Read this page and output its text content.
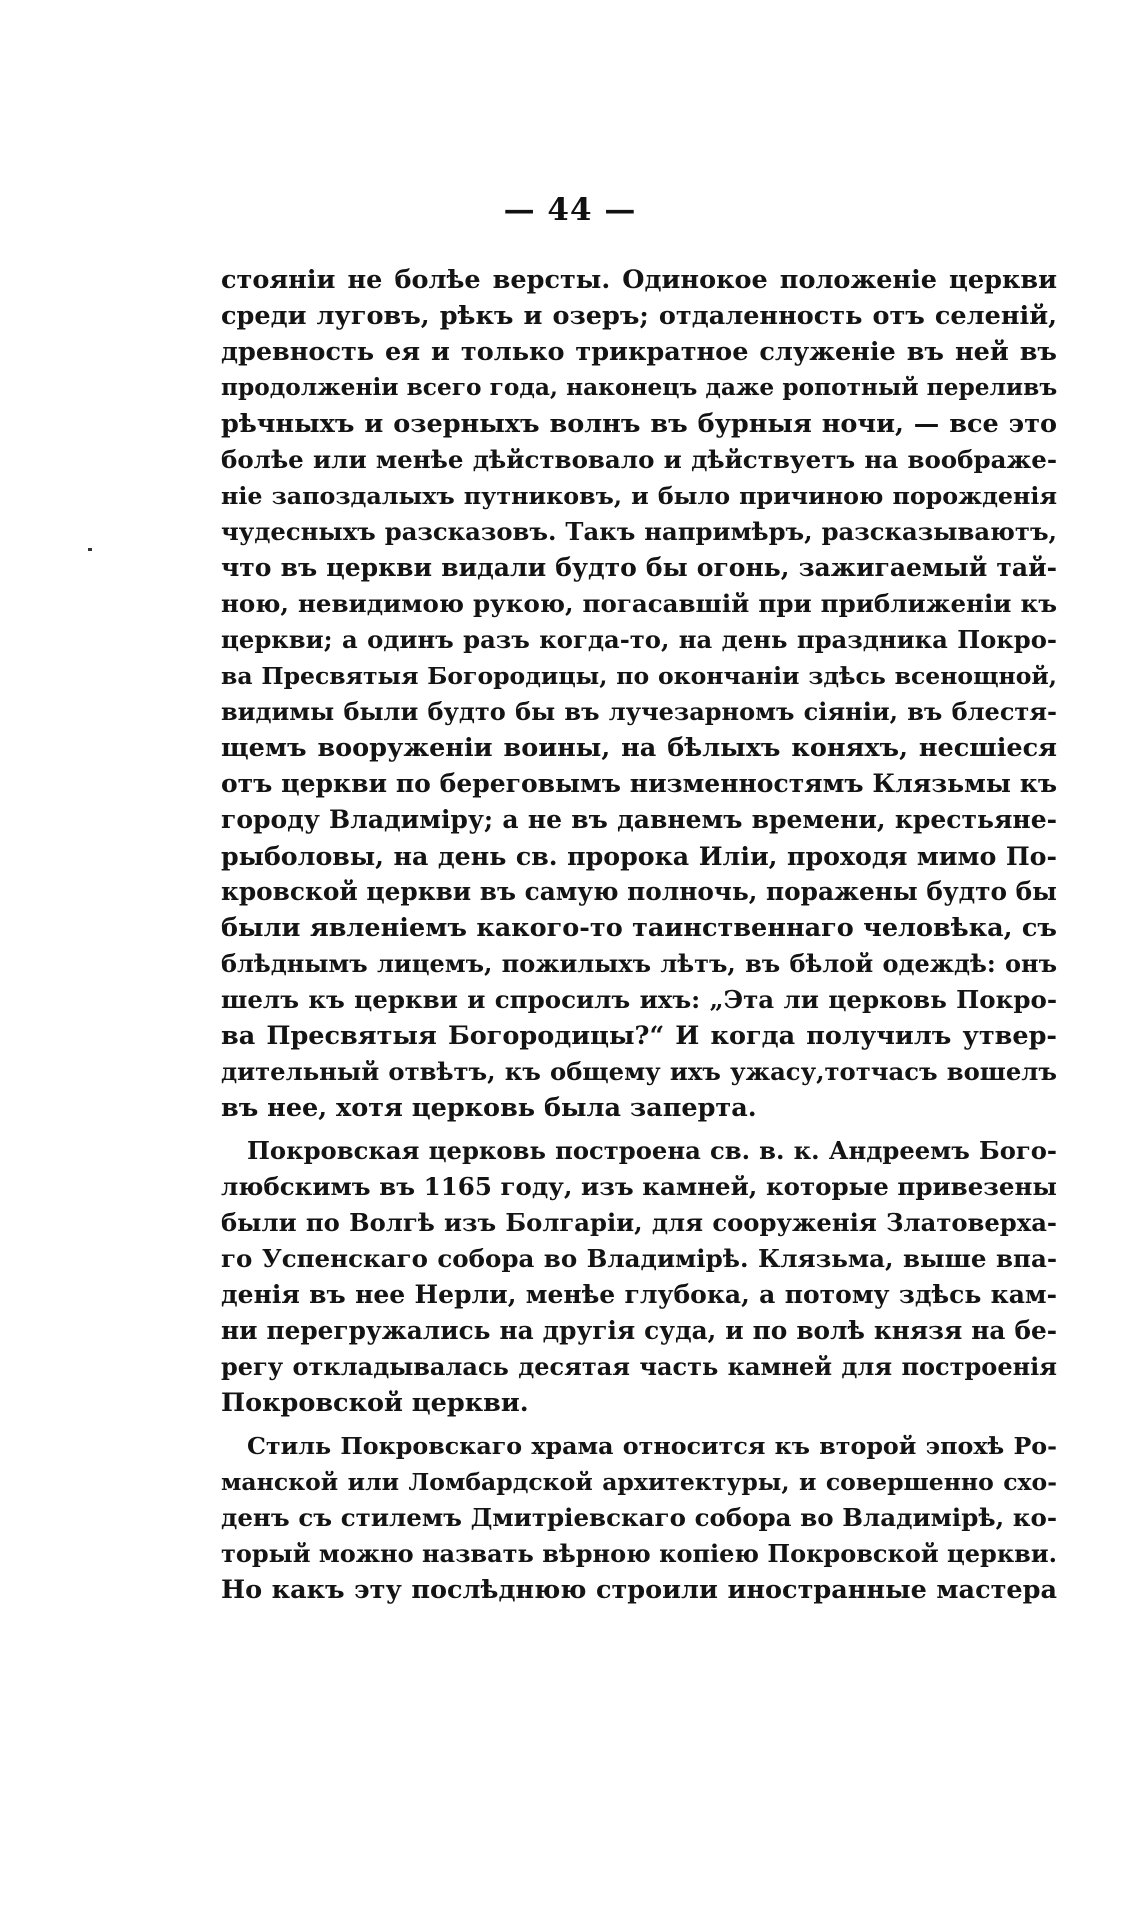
— 44 —
стоянiи не болѣе версты. Одинокое положенiе церкви
среди луговъ, рѣкъ и озеръ; отдаленность отъ селенiй,
древность ея и только трикратное служенiе въ ней въ
продолженiи всего года, наконецъ даже ропотный переливъ
рѣчныхъ и озерныхъ волнъ въ бурныя ночи, — все это
болѣе или менѣе дѣйствовало и дѣйствуетъ на воображе-
нiе запоздалыхъ путниковъ, и было причиною порожденiя
чудесныхъ разсказовъ. Такъ напримѣръ, разсказываютъ,
что въ церкви видали будто бы огонь, зажигаемый тай-
ною, невидимою рукою, погасавшiй при приближенiи къ
церкви; а одинъ разъ когда-то, на день праздника Покро-
ва Пресвятыя Богородицы, по окончанiи здѣсь всенощной,
видимы были будто бы въ лучезарномъ сiянiи, въ блестя-
щемъ вооруженiи воины, на бѣлыхъ коняхъ, несшiеся
отъ церкви по береговымъ низменностямъ Клязьмы къ
городу Владимiру; а не въ давнемъ времени, крестьяне-
рыболовы, на день св. пророка Илiи, проходя мимо По-
кровской церкви въ самую полночь, поражены будто бы
были явленiемъ какого-то таинственнаго человѣка, съ
блѣднымъ лицемъ, пожилыхъ лѣтъ, въ бѣлой одеждѣ: онъ
шелъ къ церкви и спросилъ ихъ: „Эта ли церковь Покро-
ва Пресвятыя Богородицы?“ И когда получилъ утвер-
дительный отвѣтъ, къ общему ихъ ужасу,тотчасъ вошелъ
въ нее, хотя церковь была заперта.
Покровская церковь построена св. в. к. Андреемъ Бого-
любскимъ въ 1165 году, изъ камней, которые привезены
были по Волгѣ изъ Болгарiи, для сооруженiя Златоверха-
го Успенскаго собора во Владимiрѣ. Клязьма, выше впа-
денiя въ нее Нерли, менѣе глубока, а потому здѣсь кам-
ни перегружались на другiя суда, и по волѣ князя на бе-
регу откладывалась десятая часть камней для построенiя
Покровской церкви.
Стиль Покровскаго храма относится къ второй эпохѣ Ро-
манской или Ломбардской архитектуры, и совершенно схо-
денъ съ стилемъ Дмитрiевскаго собора во Владимiрѣ, ко-
торый можно назвать вѣрною копiею Покровской церкви.
Но какъ эту послѣднюю строили иностранные мастера
